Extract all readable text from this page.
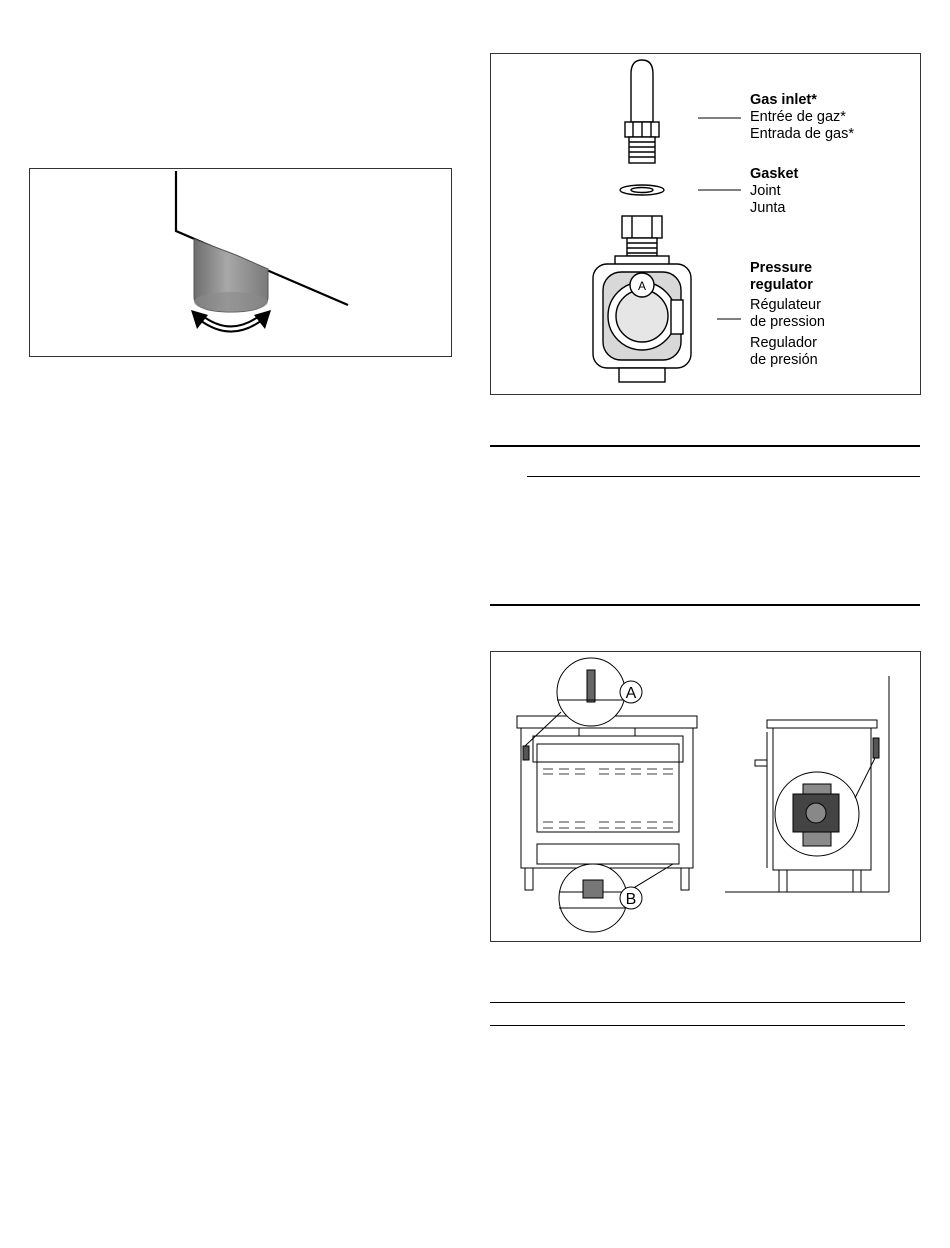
A
Gas inlet*
Entrée de gaz*
Entrada de gas*
Gasket
Joint
Junta
Pressure
regulator
Régulateur
de pression
Regulador
de presión
A
B
